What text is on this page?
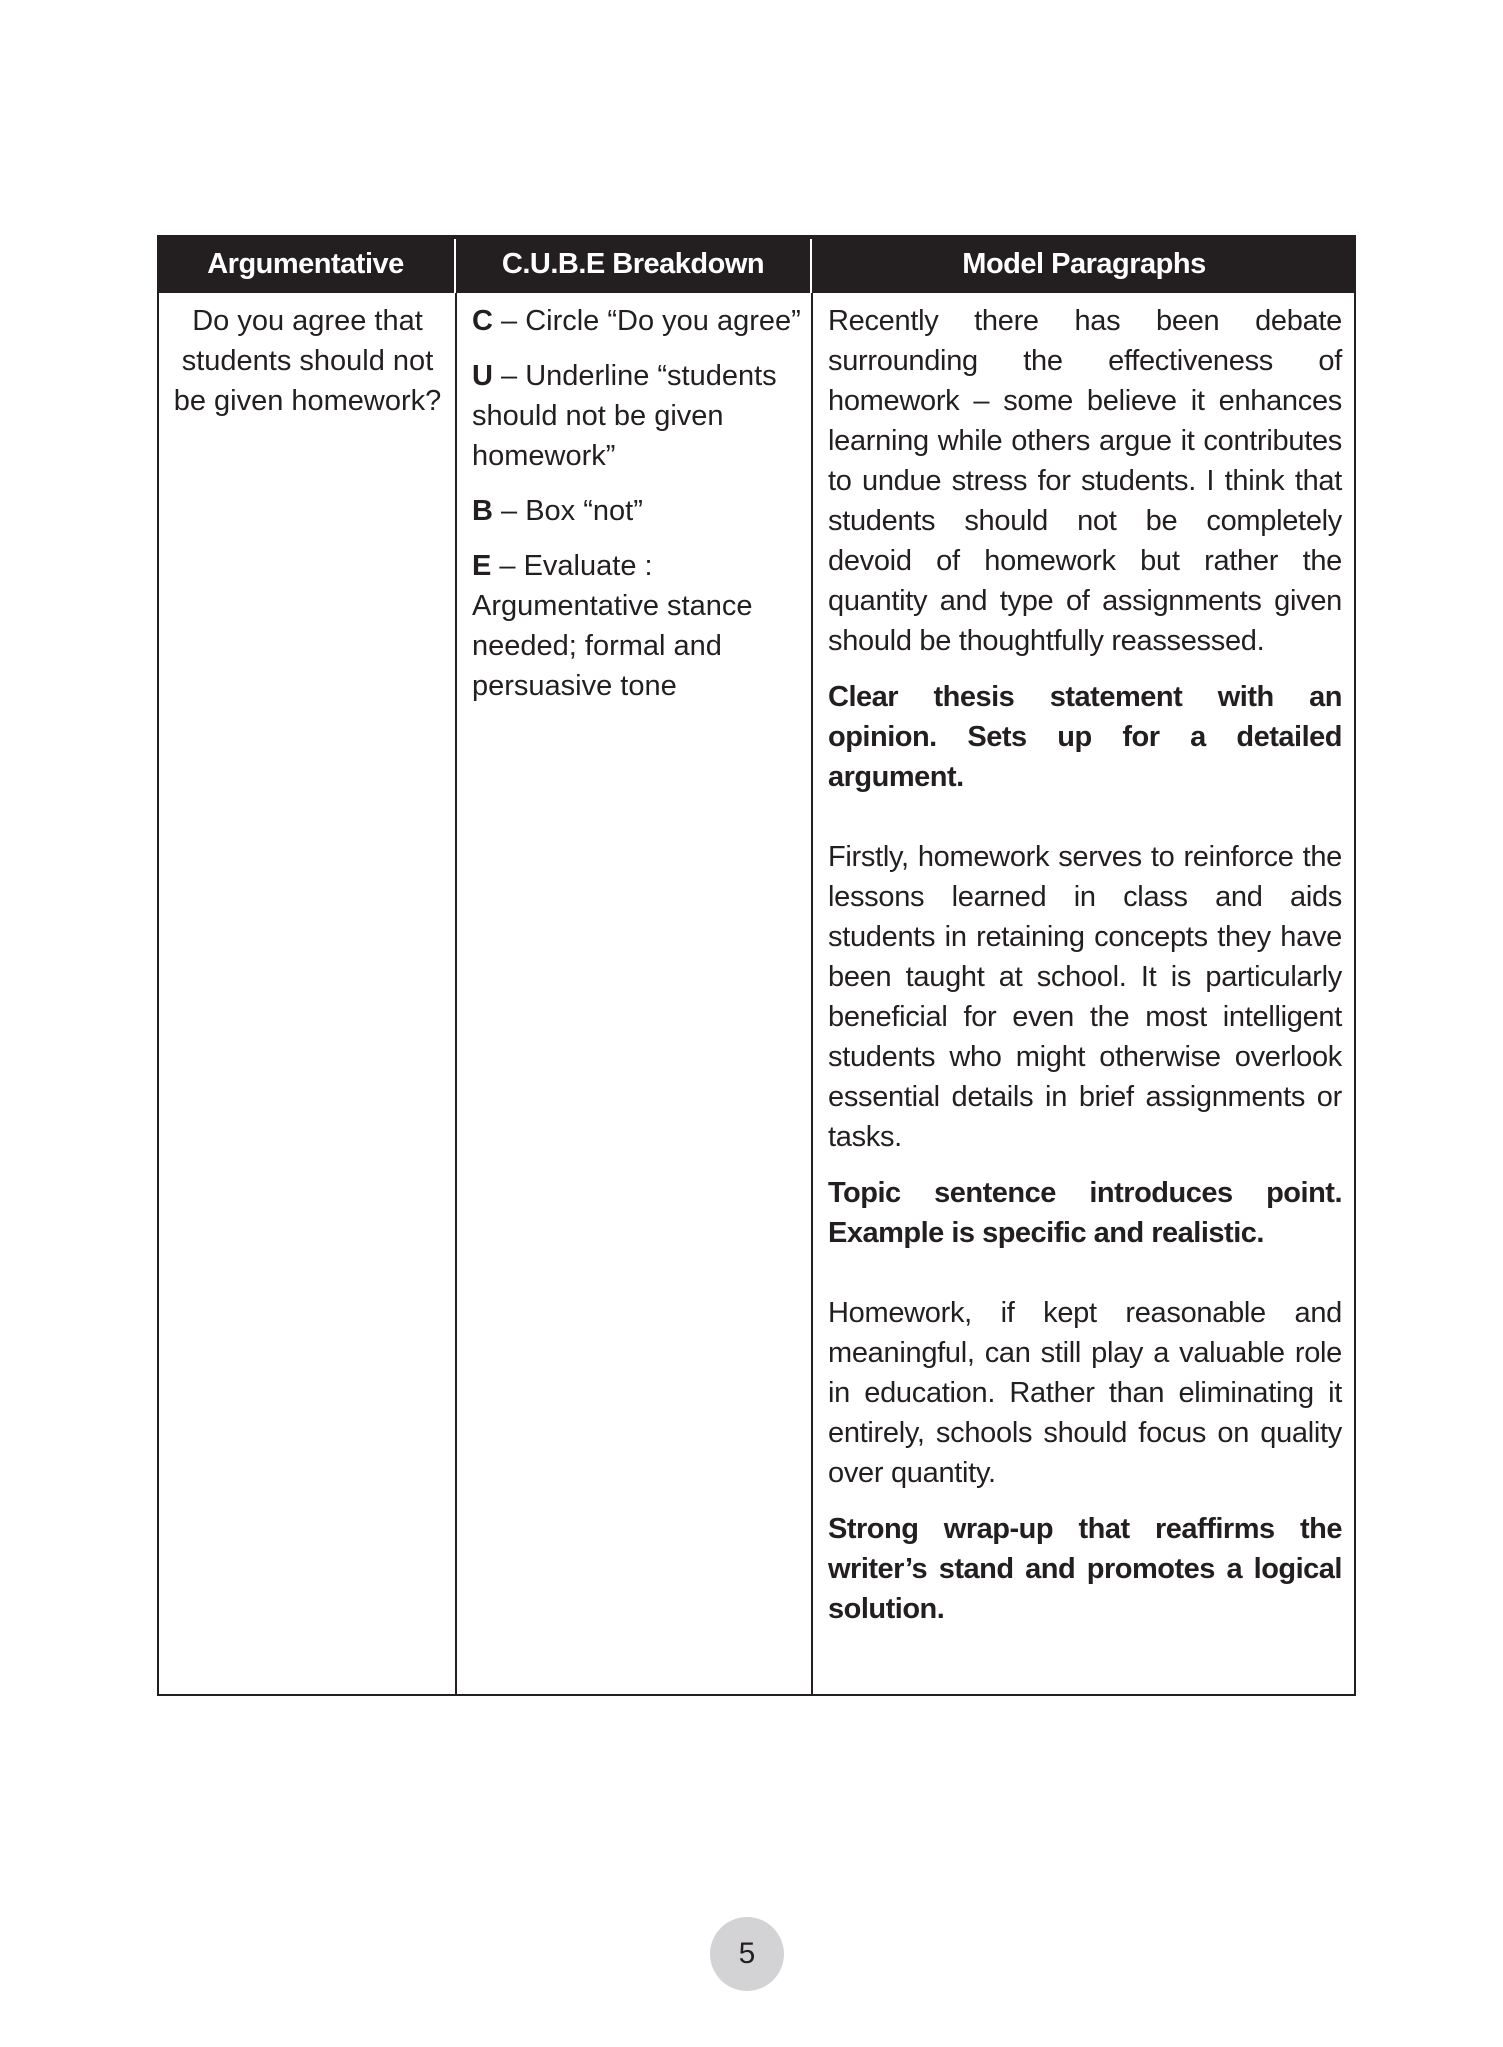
Argumentative	C.U.B.E Breakdown	Model Paragraphs
Do you agree that students should not be given homework?
C – Circle “Do you agree”
U – Underline “students should not be given homework”
B – Box “not”
E – Evaluate : Argumentative stance needed; formal and persuasive tone

Recently there has been debate surrounding the effectiveness of homework – some believe it enhances learning while others argue it contributes to undue stress for students. I think that students should not be completely devoid of homework but rather the quantity and type of assignments given should be thoughtfully reassessed.

Clear thesis statement with an opinion. Sets up for a detailed argument.

Firstly, homework serves to reinforce the lessons learned in class and aids students in retaining concepts they have been taught at school. It is particularly beneficial for even the most intelligent students who might otherwise overlook essential details in brief assignments or tasks.

Topic sentence introduces point. Example is specific and realistic.

Homework, if kept reasonable and meaningful, can still play a valuable role in education. Rather than eliminating it entirely, schools should focus on quality over quantity.

Strong wrap-up that reaffirms the writer’s stand and promotes a logical solution.

5
